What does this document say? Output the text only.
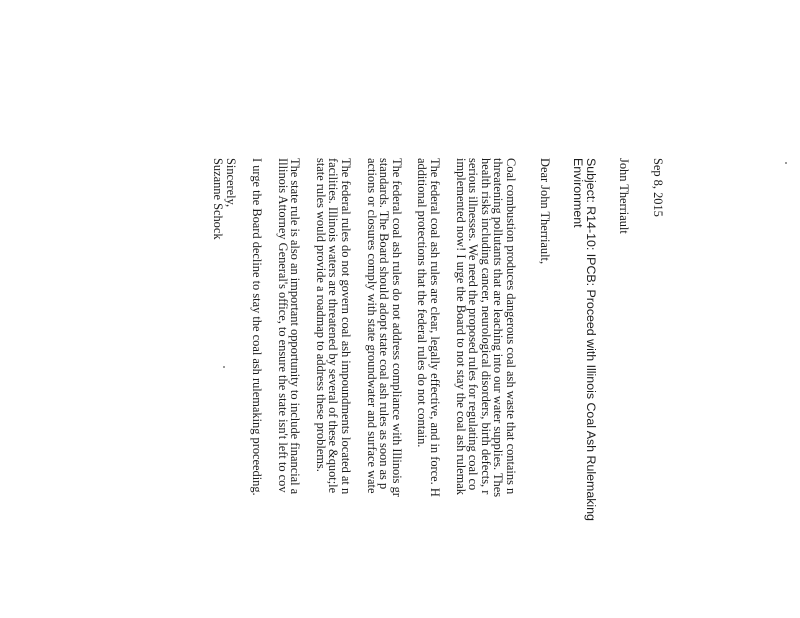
Sep 8, 2015
John Therriault
Subject: R14-10: IPCB: Proceed with Illinois Coal Ash Rulemaking
Environment
Dear John Therriault,
Coal combustion produces dangerous coal ash waste that contains n
threatening pollutants that are leaching into our water supplies. Thes
health risks including cancer, neurological disorders, birth defects, r
serious illnesses. We need the proposed rules for regulating coal co
implemented now! I urge the Board to not stay the coal ash rulemak
The federal coal ash rules are clear, legally effective, and in force. H
additional protections that the federal rules do not contain.
The federal coal ash rules do not address compliance with Illinois gr
standards. The Board should adopt state coal ash rules as soon as p
actions or closures comply with state groundwater and surface wate
The federal rules do not govern coal ash impoundments located at n
facilities. Illinois waters are threatened by several of these &quot;le
state rules would provide a roadmap to address these problems.
The state rule is also an important opportunity to include financial a
Illinois Attorney General's office, to ensure the state isn't left to cov
I urge the Board decline to stay the coal ash rulemaking proceeding.
Sincerely,
Suzanne Schock
